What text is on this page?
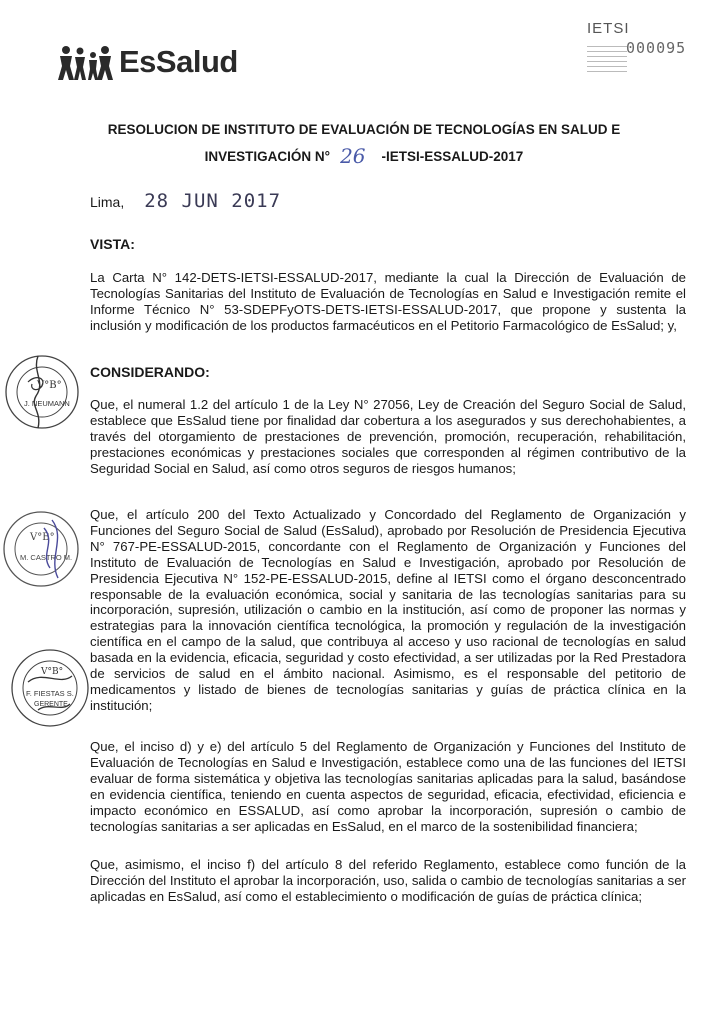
EsSalud
IETSI
000095
RESOLUCION DE INSTITUTO DE EVALUACIÓN DE TECNOLOGÍAS EN SALUD E
INVESTIGACIÓN N° 26 -IETSI-ESSALUD-2017
Lima, 28 JUN 2017
VISTA:
CONSIDERANDO:
La Carta N° 142-DETS-IETSI-ESSALUD-2017, mediante la cual la Dirección de Evaluación de Tecnologías Sanitarias del Instituto de Evaluación de Tecnologías en Salud e Investigación remite el Informe Técnico N° 53-SDEPFyOTS-DETS-IETSI-ESSALUD-2017, que propone y sustenta la inclusión y modificación de los productos farmacéuticos en el Petitorio Farmacológico de EsSalud; y,
Que, el numeral 1.2 del artículo 1 de la Ley N° 27056, Ley de Creación del Seguro Social de Salud, establece que EsSalud tiene por finalidad dar cobertura a los asegurados y sus derechohabientes, a través del otorgamiento de prestaciones de prevención, promoción, recuperación, rehabilitación, prestaciones económicas y prestaciones sociales que corresponden al régimen contributivo de la Seguridad Social en Salud, así como otros seguros de riesgos humanos;
Que, el artículo 200 del Texto Actualizado y Concordado del Reglamento de Organización y Funciones del Seguro Social de Salud (EsSalud), aprobado por Resolución de Presidencia Ejecutiva N° 767-PE-ESSALUD-2015, concordante con el Reglamento de Organización y Funciones del Instituto de Evaluación de Tecnologías en Salud e Investigación, aprobado por Resolución de Presidencia Ejecutiva N° 152-PE-ESSALUD-2015, define al IETSI como el órgano desconcentrado responsable de la evaluación económica, social y sanitaria de las tecnologías sanitarias para su incorporación, supresión, utilización o cambio en la institución, así como de proponer las normas y estrategias para la innovación científica tecnológica, la promoción y regulación de la investigación científica en el campo de la salud, que contribuya al acceso y uso racional de tecnologías en salud basada en la evidencia, eficacia, seguridad y costo efectividad, a ser utilizadas por la Red Prestadora de servicios de salud en el ámbito nacional. Asimismo, es el responsable del petitorio de medicamentos y listado de bienes de tecnologías sanitarias y guías de práctica clínica en la institución;
Que, el inciso d) y e) del artículo 5 del Reglamento de Organización y Funciones del Instituto de Evaluación de Tecnologías en Salud e Investigación, establece como una de las funciones del IETSI evaluar de forma sistemática y objetiva las tecnologías sanitarias aplicadas para la salud, basándose en evidencia científica, teniendo en cuenta aspectos de seguridad, eficacia, efectividad, eficiencia e impacto económico en ESSALUD, así como aprobar la incorporación, supresión o cambio de tecnologías sanitarias a ser aplicadas en EsSalud, en el marco de la sostenibilidad financiera;
Que, asimismo, el inciso f) del artículo 8 del referido Reglamento, establece como función de la Dirección del Instituto el aprobar la incorporación, uso, salida o cambio de tecnologías sanitarias a ser aplicadas en EsSalud, así como el establecimiento o modificación de guías de práctica clínica;
V°B°
J. NEUMANN
V°B°
M. CASTRO M.
V°B°
F. FIESTAS S.
GERENTE
